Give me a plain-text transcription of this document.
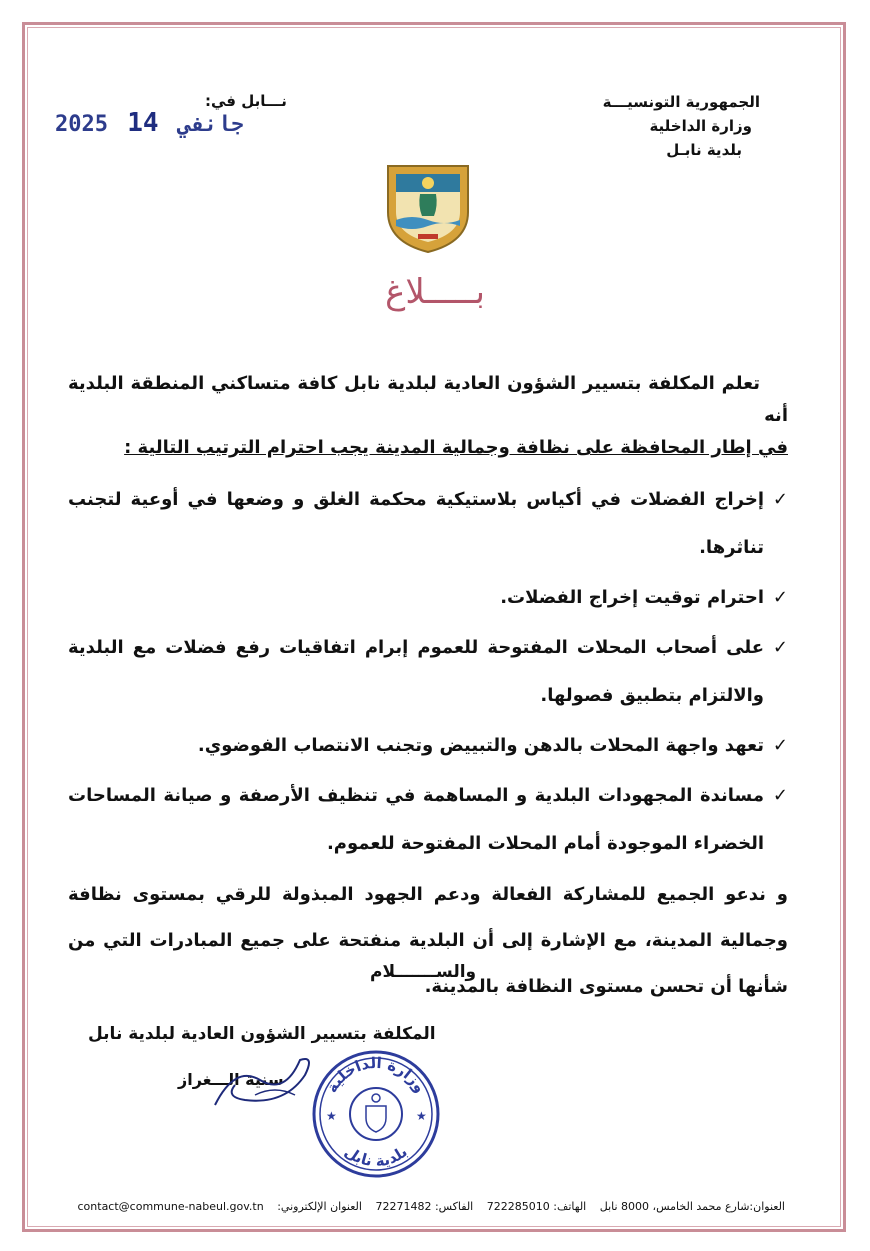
الجمهورية التونسيـــة
وزارة الداخلية
بلدية نابـل
نـــابل في:
2025	جانفي 14
بـــــلاغ

تعلم المكلفة بتسيير الشؤون العادية لبلدية نابل كافة متساكني المنطقة البلدية أنه

في إطار المحافظة على نظافة وجمالية المدينة يجب احترام الترتيب التالية :

✓
إخراج الفضلات في أكياس بلاستيكية محكمة الغلق و وضعها في أوعية لتجنب تناثرها.
✓
احترام توقيت إخراج الفضلات.
✓
على أصحاب المحلات المفتوحة للعموم إبرام اتفاقيات رفع فضلات مع البلدية والالتزام بتطبيق فصولها.
✓
تعهد واجهة المحلات بالدهن والتبييض وتجنب الانتصاب الفوضوي.
✓
مساندة المجهودات البلدية و المساهمة في تنظيف الأرصفة و صيانة المساحات الخضراء الموجودة أمام المحلات المفتوحة للعموم.

و ندعو الجميع للمشاركة الفعالة ودعم الجهود المبذولة للرقي بمستوى نظافة وجمالية المدينة، مع الإشارة إلى أن البلدية منفتحة على جميع المبادرات التي من شأنها أن تحسن مستوى النظافة بالمدينة.

والســـــــلام
المكلفة بتسيير الشؤون العادية لبلدية نابل
سنية الـــغراز	وزارة الداخلية
بلدية نابل
★	★
العنوان:شارع محمد الخامس، 8000 نابل الهاتف: 722285010 الفاكس: 72271482 العنوان الإلكتروني: contact@commune-nabeul.gov.tn
